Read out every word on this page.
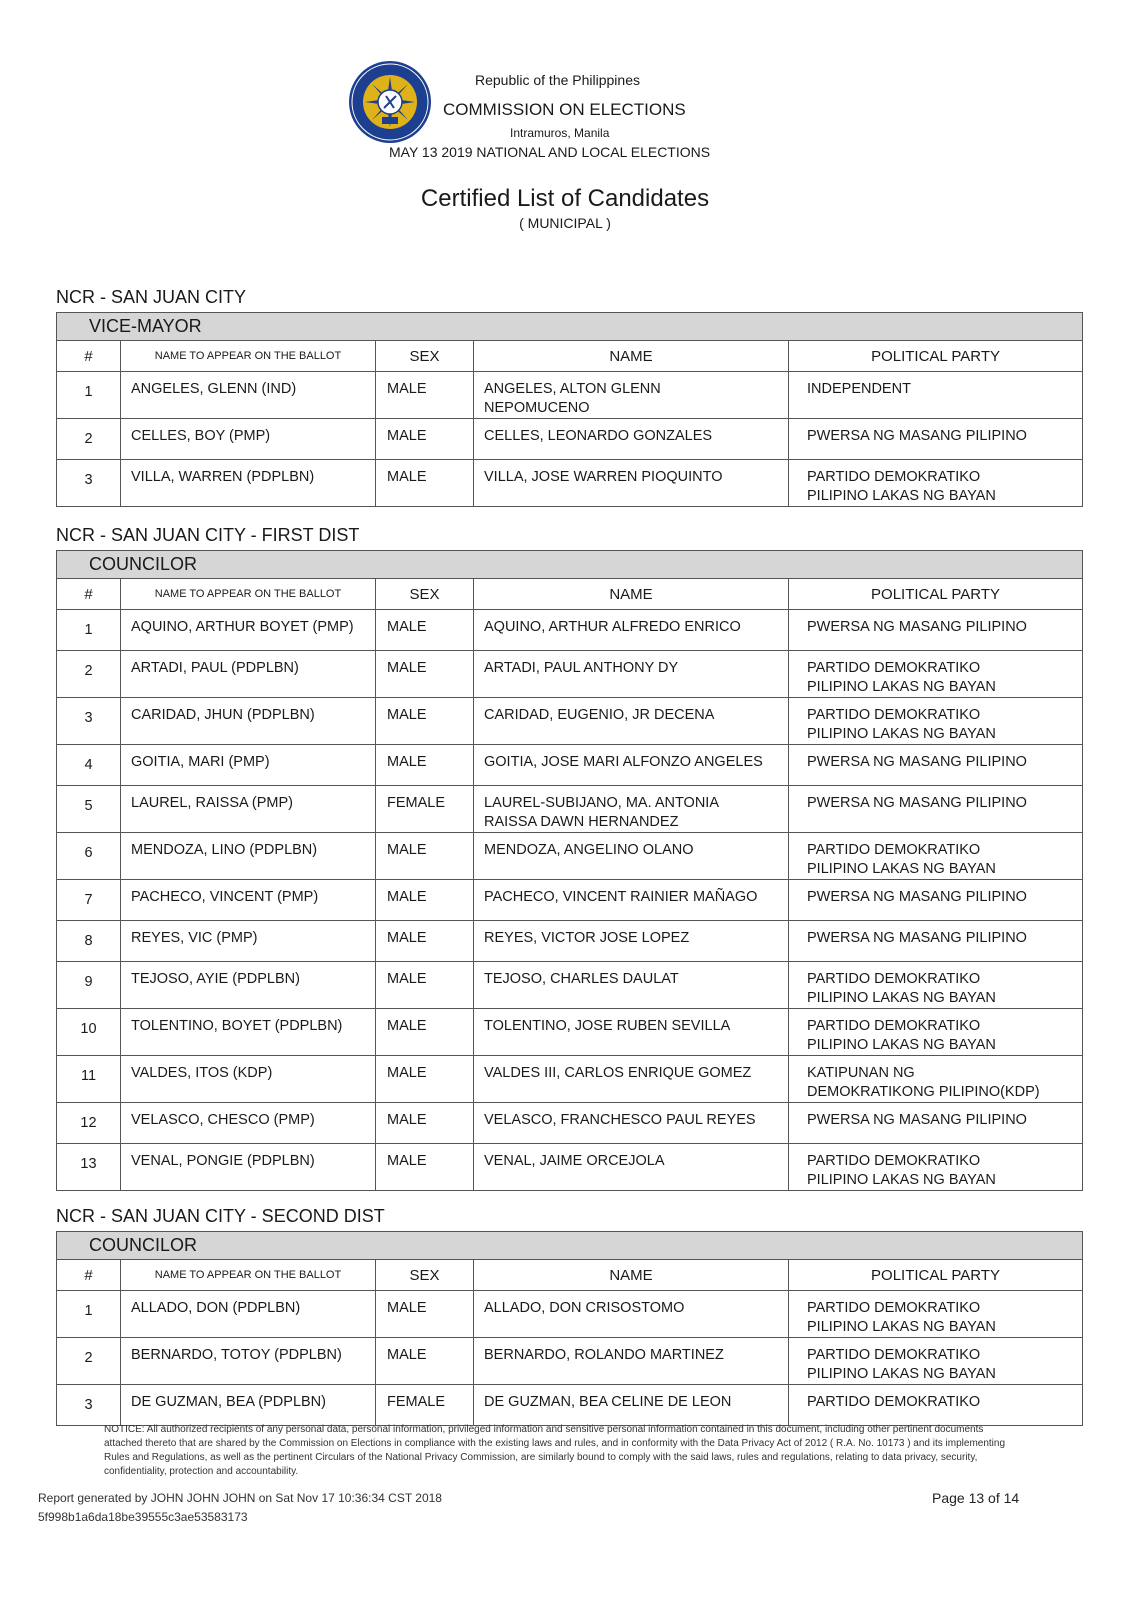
Republic of the Philippines
COMMISSION ON ELECTIONS
Intramuros, Manila
MAY 13 2019 NATIONAL AND LOCAL ELECTIONS
Certified List of Candidates
( MUNICIPAL )
NCR - SAN JUAN CITY
VICE-MAYOR				
#	NAME TO APPEAR ON THE BALLOT	SEX	NAME	POLITICAL PARTY
1	ANGELES, GLENN (IND)	MALE	ANGELES, ALTON GLENN
NEPOMUCENO	INDEPENDENT
2	CELLES, BOY (PMP)	MALE	CELLES, LEONARDO GONZALES	PWERSA NG MASANG PILIPINO
3	VILLA, WARREN (PDPLBN)	MALE	VILLA, JOSE WARREN PIOQUINTO	PARTIDO DEMOKRATIKO
PILIPINO LAKAS NG BAYAN
NCR - SAN JUAN CITY - FIRST DIST
COUNCILOR				
#	NAME TO APPEAR ON THE BALLOT	SEX	NAME	POLITICAL PARTY
1	AQUINO, ARTHUR BOYET (PMP)	MALE	AQUINO, ARTHUR ALFREDO ENRICO	PWERSA NG MASANG PILIPINO
2	ARTADI, PAUL (PDPLBN)	MALE	ARTADI, PAUL ANTHONY DY	PARTIDO DEMOKRATIKO
PILIPINO LAKAS NG BAYAN
3	CARIDAD, JHUN (PDPLBN)	MALE	CARIDAD, EUGENIO, JR DECENA	PARTIDO DEMOKRATIKO
PILIPINO LAKAS NG BAYAN
4	GOITIA, MARI (PMP)	MALE	GOITIA, JOSE MARI ALFONZO ANGELES	PWERSA NG MASANG PILIPINO
5	LAUREL, RAISSA (PMP)	FEMALE	LAUREL-SUBIJANO, MA. ANTONIA
RAISSA DAWN HERNANDEZ	PWERSA NG MASANG PILIPINO
6	MENDOZA, LINO (PDPLBN)	MALE	MENDOZA, ANGELINO OLANO	PARTIDO DEMOKRATIKO
PILIPINO LAKAS NG BAYAN
7	PACHECO, VINCENT (PMP)	MALE	PACHECO, VINCENT RAINIER MAÑAGO	PWERSA NG MASANG PILIPINO
8	REYES, VIC (PMP)	MALE	REYES, VICTOR JOSE LOPEZ	PWERSA NG MASANG PILIPINO
9	TEJOSO, AYIE (PDPLBN)	MALE	TEJOSO, CHARLES DAULAT	PARTIDO DEMOKRATIKO
PILIPINO LAKAS NG BAYAN
10	TOLENTINO, BOYET (PDPLBN)	MALE	TOLENTINO, JOSE RUBEN SEVILLA	PARTIDO DEMOKRATIKO
PILIPINO LAKAS NG BAYAN
11	VALDES, ITOS (KDP)	MALE	VALDES III, CARLOS ENRIQUE GOMEZ	KATIPUNAN NG
DEMOKRATIKONG PILIPINO(KDP)
12	VELASCO, CHESCO (PMP)	MALE	VELASCO, FRANCHESCO PAUL REYES	PWERSA NG MASANG PILIPINO
13	VENAL, PONGIE (PDPLBN)	MALE	VENAL, JAIME ORCEJOLA	PARTIDO DEMOKRATIKO
PILIPINO LAKAS NG BAYAN
NCR - SAN JUAN CITY - SECOND DIST
COUNCILOR				
#	NAME TO APPEAR ON THE BALLOT	SEX	NAME	POLITICAL PARTY
1	ALLADO, DON (PDPLBN)	MALE	ALLADO, DON CRISOSTOMO	PARTIDO DEMOKRATIKO
PILIPINO LAKAS NG BAYAN
2	BERNARDO, TOTOY (PDPLBN)	MALE	BERNARDO, ROLANDO MARTINEZ	PARTIDO DEMOKRATIKO
PILIPINO LAKAS NG BAYAN
3	DE GUZMAN, BEA (PDPLBN)	FEMALE	DE GUZMAN, BEA CELINE DE LEON	PARTIDO DEMOKRATIKO
NOTICE: All authorized recipients of any personal data, personal information, privileged information and sensitive personal information contained in this document, including other pertinent documents attached thereto that are shared by the Commission on Elections in compliance with the existing laws and rules, and in conformity with the Data Privacy Act of 2012 ( R.A. No. 10173 ) and its implementing Rules and Regulations, as well as the pertinent Circulars of the National Privacy Commission, are similarly bound to comply with the said laws, rules and regulations, relating to data privacy, security, confidentiality, protection and accountability.
Report generated by JOHN JOHN JOHN on Sat Nov 17 10:36:34 CST 2018
5f998b1a6da18be39555c3ae53583173
Page 13 of 14
